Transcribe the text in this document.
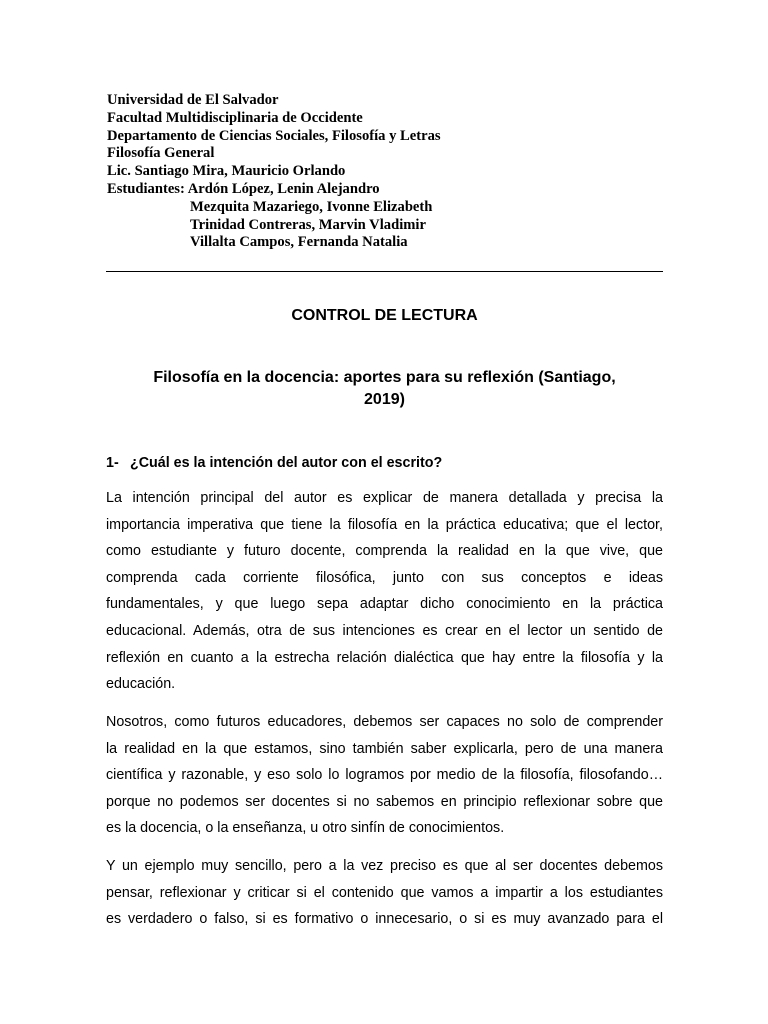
Universidad de El Salvador
Facultad Multidisciplinaria de Occidente
Departamento de Ciencias Sociales, Filosofía y Letras
Filosofía General
Lic. Santiago Mira, Mauricio Orlando
Estudiantes: Ardón López, Lenin Alejandro
Mezquita Mazariego, Ivonne Elizabeth
Trinidad Contreras, Marvin Vladimir
Villalta Campos, Fernanda Natalia
CONTROL DE LECTURA
Filosofía en la docencia: aportes para su reflexión (Santiago,
2019)
1- ¿Cuál es la intención del autor con el escrito?
La intención principal del autor es explicar de manera detallada y precisa la
importancia imperativa que tiene la filosofía en la práctica educativa; que el lector,
como estudiante y futuro docente, comprenda la realidad en la que vive, que
comprenda cada corriente filosófica, junto con sus conceptos e ideas
fundamentales, y que luego sepa adaptar dicho conocimiento en la práctica
educacional. Además, otra de sus intenciones es crear en el lector un sentido de
reflexión en cuanto a la estrecha relación dialéctica que hay entre la filosofía y la
educación.
Nosotros, como futuros educadores, debemos ser capaces no solo de comprender
la realidad en la que estamos, sino también saber explicarla, pero de una manera
científica y razonable, y eso solo lo logramos por medio de la filosofía, filosofando…
porque no podemos ser docentes si no sabemos en principio reflexionar sobre que
es la docencia, o la enseñanza, u otro sinfín de conocimientos.
Y un ejemplo muy sencillo, pero a la vez preciso es que al ser docentes debemos
pensar, reflexionar y criticar si el contenido que vamos a impartir a los estudiantes
es verdadero o falso, si es formativo o innecesario, o si es muy avanzado para el
